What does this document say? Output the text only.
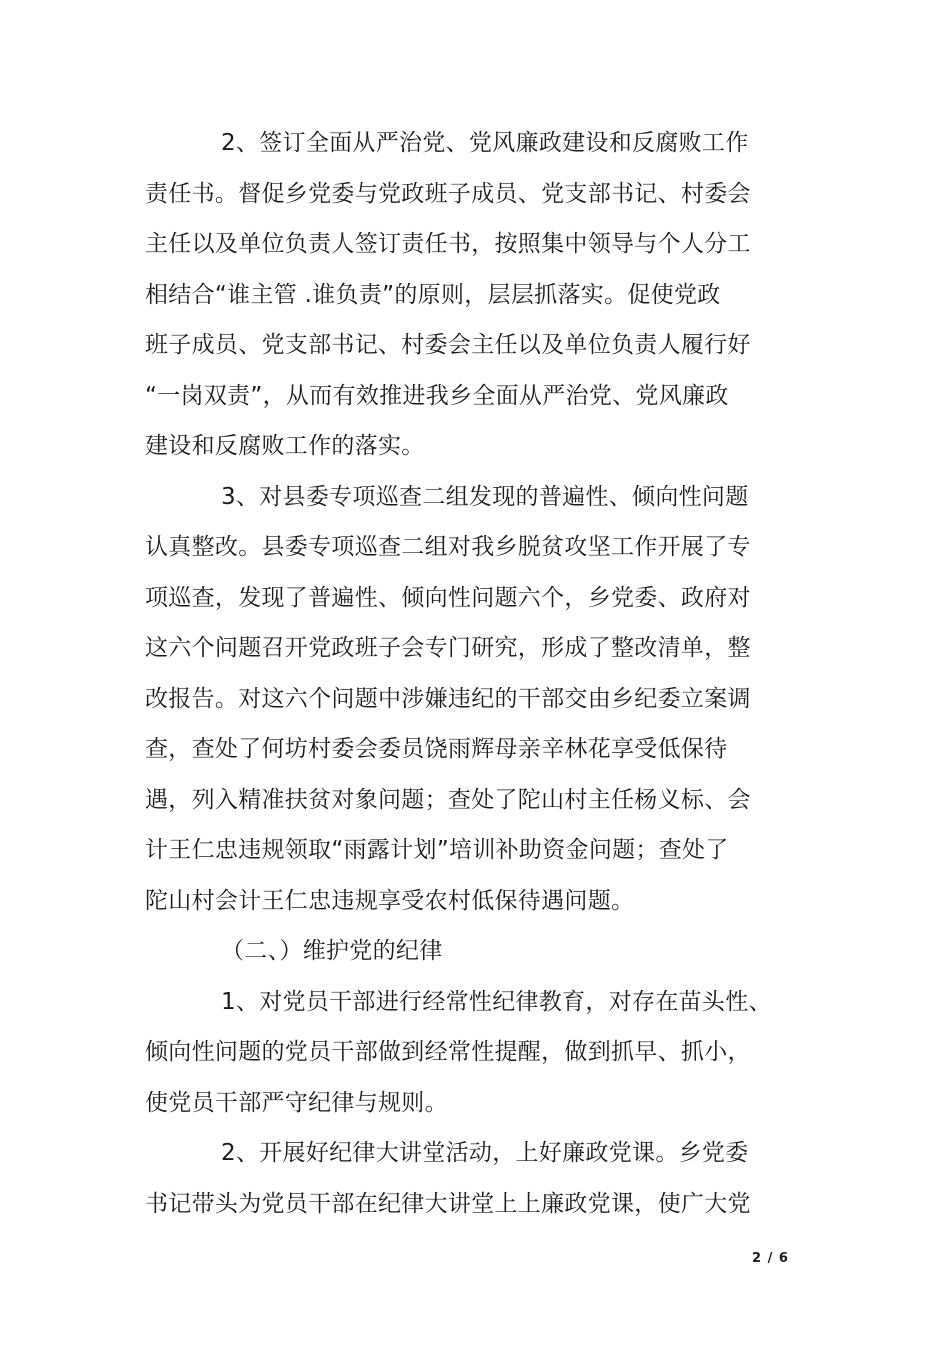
2、签订全面从严治党、党风廉政建设和反腐败工作
责任书。督促乡党委与党政班子成员、党支部书记、村委会
主任以及单位负责人签订责任书，按照集中领导与个人分工
相结合“谁主管 .谁负责”的原则，层层抓落实。促使党政
班子成员、党支部书记、村委会主任以及单位负责人履行好
“一岗双责”，从而有效推进我乡全面从严治党、党风廉政
建设和反腐败工作的落实。
3、对县委专项巡查二组发现的普遍性、倾向性问题
认真整改。县委专项巡查二组对我乡脱贫攻坚工作开展了专
项巡查，发现了普遍性、倾向性问题六个，乡党委、政府对
这六个问题召开党政班子会专门研究，形成了整改清单，整
改报告。对这六个问题中涉嫌违纪的干部交由乡纪委立案调
查，查处了何坊村委会委员饶雨辉母亲辛林花享受低保待
遇，列入精准扶贫对象问题；查处了陀山村主任杨义标、会
计王仁忠违规领取“雨露计划”培训补助资金问题；查处了
陀山村会计王仁忠违规享受农村低保待遇问题。
（二、）维护党的纪律
1、对党员干部进行经常性纪律教育，对存在苗头性、
倾向性问题的党员干部做到经常性提醒，做到抓早、抓小，
使党员干部严守纪律与规则。
2、开展好纪律大讲堂活动，上好廉政党课。乡党委
书记带头为党员干部在纪律大讲堂上上廉政党课，使广大党
2 / 6
